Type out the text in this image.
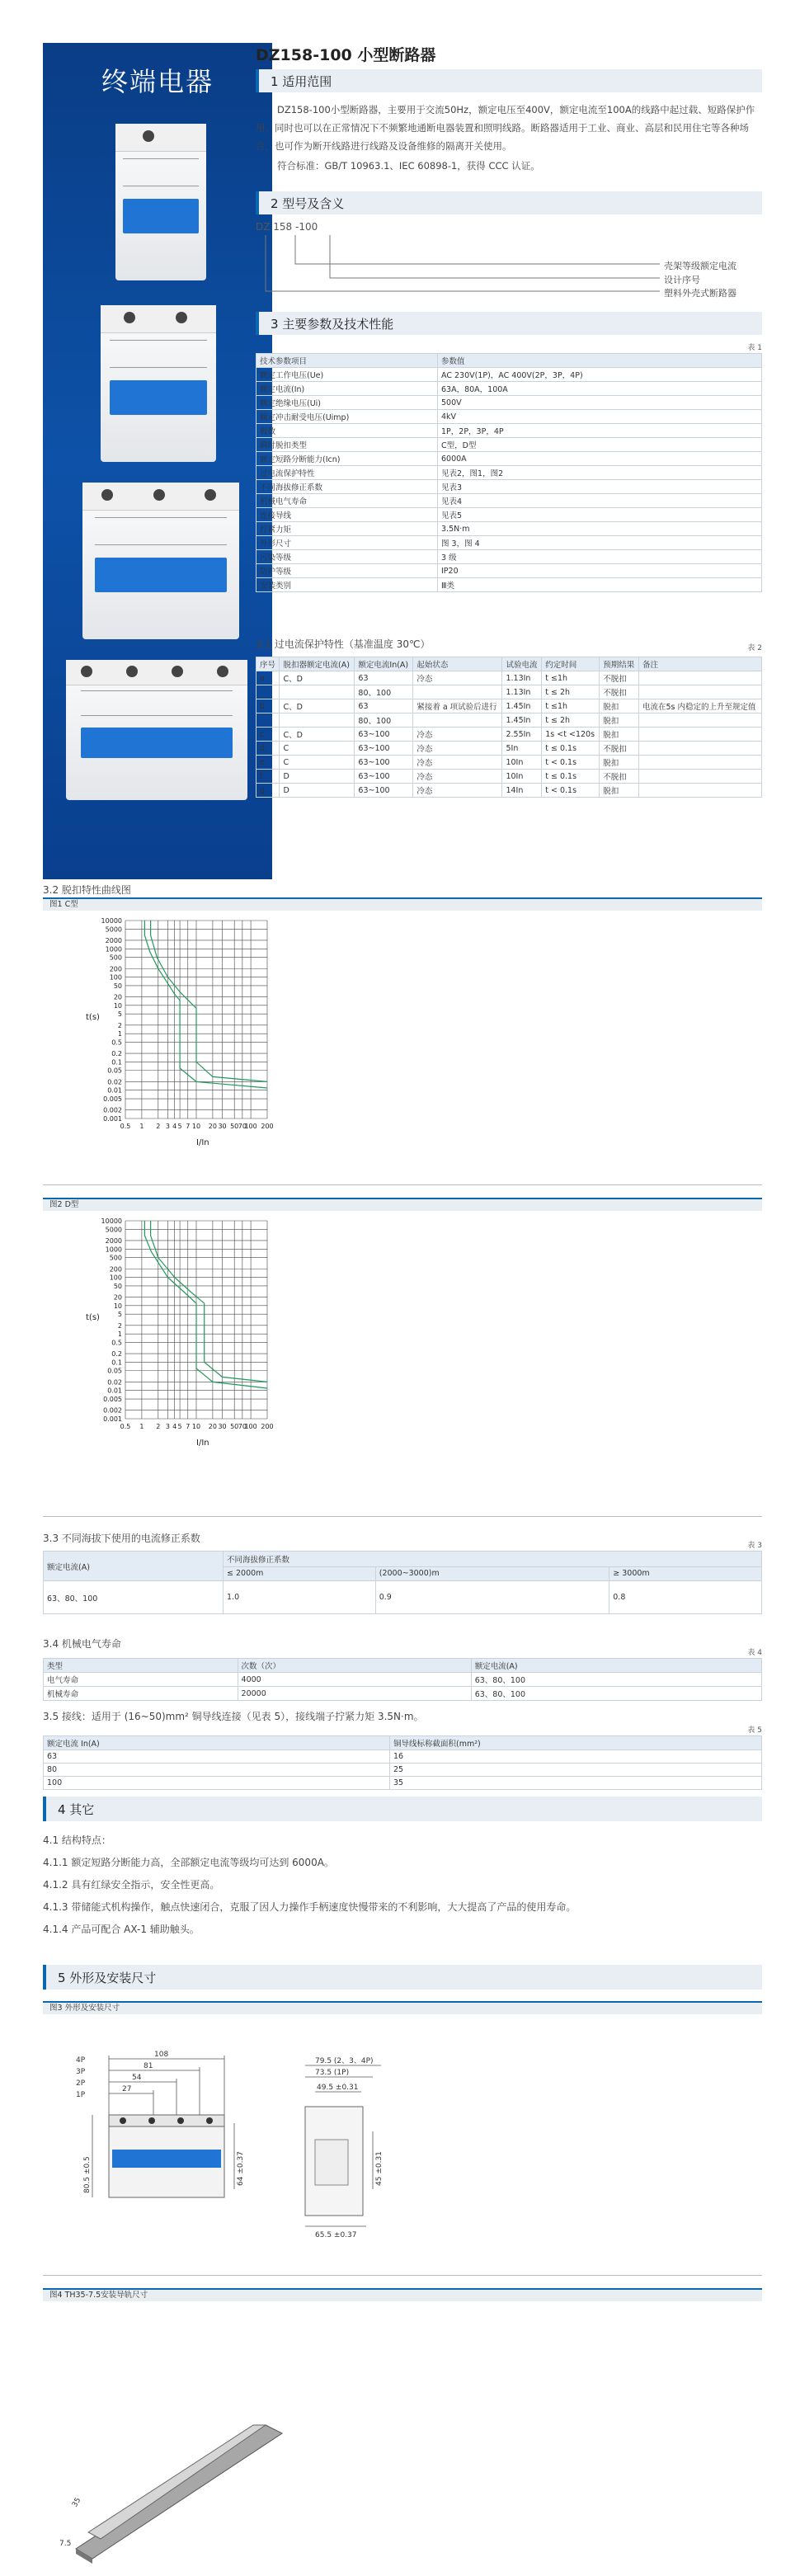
终端电器
DZ158-100 小型断路器
1 适用范围
DZ158-100小型断路器，主要用于交流50Hz，额定电压至400V，额定电流至100A的线路中起过载、短路保护作用，同时也可以在正常情况下不频繁地通断电器装置和照明线路。断路器适用于工业、商业、高层和民用住宅等各种场合，也可作为断开线路进行线路及设备维修的隔离开关使用。
符合标准：GB/T 10963.1、IEC 60898-1，获得 CCC 认证。
2 型号及含义
DZ 158 -100
壳架等级额定电流
设计序号
塑料外壳式断路器
3 主要参数及技术性能
表 1
技术参数项目	参数值
额定工作电压(Ue)	AC 230V(1P)，AC 400V(2P，3P，4P)
额定电流(In)	63A，80A，100A
额定绝缘电压(Ui)	500V
额定冲击耐受电压(Uimp)	4kV
极数	1P，2P，3P，4P
瞬时脱扣类型	C型，D型
额定短路分断能力(Icn)	6000A
过电流保护特性	见表2，图1，图2
不同海拔修正系数	见表3
机械电气寿命	见表4
连接导线	见表5
拧紧力矩	3.5N·m
外形尺寸	图 3，图 4
污染等级	3 级
防护等级	IP20
安装类别	Ⅲ类
3.1 过电流保护特性（基准温度 30℃）	表 2
序号	脱扣器额定电流(A)	额定电流In(A)	起始状态	试验电流	约定时间	预期结果	备注
a	C、D	63	冷态	1.13In	t ≤1h	不脱扣	
		80、100		1.13In	t ≤ 2h	不脱扣	
b	C、D	63	紧接着 a 项试验后进行	1.45In	t ≤1h	脱扣	电流在5s 内稳定的上升至规定值
		80、100		1.45In	t ≤ 2h	脱扣	
c	C、D	63~100	冷态	2.55In	1s <t <120s	脱扣	
d	C	63~100	冷态	5In	t ≤ 0.1s	不脱扣	
e	C	63~100	冷态	10In	t < 0.1s	脱扣	
f	D	63~100	冷态	10In	t ≤ 0.1s	不脱扣	
g	D	63~100	冷态	14In	t < 0.1s	脱扣	
3.2 脱扣特性曲线图
图1 C型
10000
5000
2000
1000
500
200
100
50
20
10
5
2
1
0.5
0.2
0.1
0.05
0.02
0.01
0.005
0.002
0.001
0.5 1 2 3 4 5 7 10 20 30 50 70
100 200
t(s)
I/In
图2 D型
10000
5000
2000
1000
500
200
100
50
20
10
5
2
1
0.5
0.2
0.1
0.05
0.02
0.01
0.005
0.002
0.001
0.5 1 2 3 4 5 7 10 20 30 50 70
100 200
t(s)
I/In
3.3 不同海拔下使用的电流修正系数
表 3
额定电流(A)	不同海拔修正系数		
	≤ 2000m	(2000~3000)m	≥ 3000m
63、80、100	1.0	0.9	0.8
3.4 机械电气寿命
表 4
类型	次数（次）	额定电流(A)
电气寿命	4000	63、80、100
机械寿命	20000	63、80、100
3.5 接线：适用于 (16~50)mm² 铜导线连接（见表 5），接线端子拧紧力矩 3.5N·m。
表 5
额定电流 In(A)	铜导线标称截面积(mm²)
63	16
80	25
100	35
4 其它
4.1 结构特点：
4.1.1 额定短路分断能力高，全部额定电流等级均可达到 6000A。
4.1.2 具有红绿安全指示，安全性更高。
4.1.3 带储能式机构操作，触点快速闭合，克服了因人力操作手柄速度快慢带来的不利影响，大大提高了产品的使用寿命。
4.1.4 产品可配合 AX-1 辅助触头。
5 外形及安装尺寸
图3 外形及安装尺寸
108
81
54
27
4P
3P
2P
1P
79.5 (2、3、4P)
73.5 (1P)
49.5 ±0.31
65.5 ±0.37
80.5 ±0.5	64 ±0.37	45 ±0.31
图4 TH35-7.5安装导轨尺寸
7.5
35
